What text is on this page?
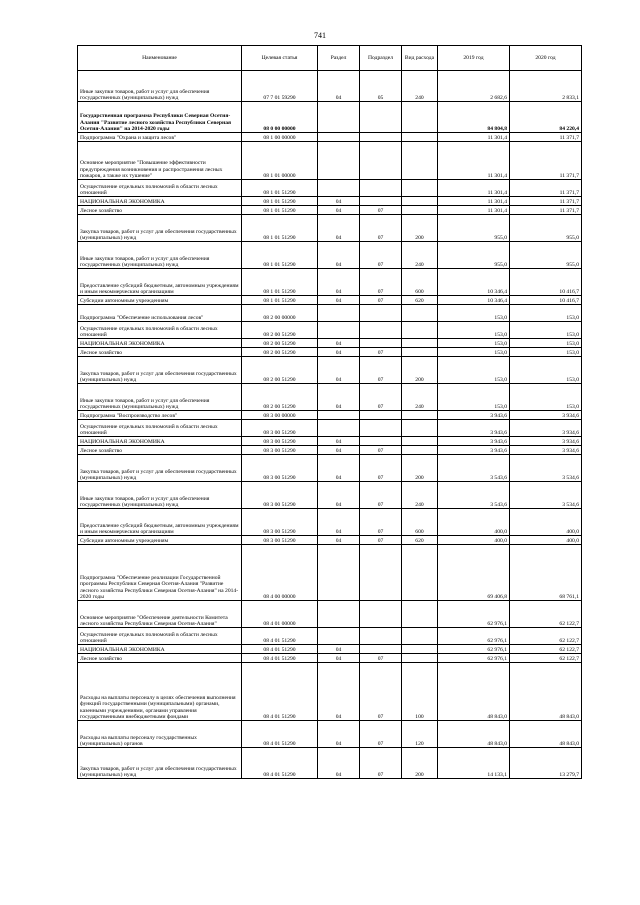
741
Наименование	Целевая статья	Раздел	Подраздел	Вид расхода	2019 год	2020 год
Иные закупки товаров, работ и услуг для обеспечения государственных (муниципальных) нужд	07 7 01 59290	04	05	240	2 682,6	2 833,1
Государственная программа Республики Северная Осетия-Алания "Развитие лесного хозяйства Республики Северная Осетия-Алания" на 2014-2020 годы	08 0 00 00000				84 804,8	84 220,4
Подпрограмма "Охрана и защита лесов"	08 1 00 00000				11 301,4	11 371,7
Основное мероприятие "Повышение эффективности предупреждения возникновения и распространения лесных пожаров, а также их тушение"	08 1 01 00000				11 301,4	11 371,7
Осуществление отдельных полномочий в области лесных отношений	08 1 01 51290				11 301,4	11 371,7
НАЦИОНАЛЬНАЯ ЭКОНОМИКА	08 1 01 51290	04			11 301,4	11 371,7
Лесное хозяйство	08 1 01 51290	04	07		11 301,4	11 371,7
Закупка товаров, работ и услуг для обеспечения государственных (муниципальных) нужд	08 1 01 51290	04	07	200	955,0	955,0
Иные закупки товаров, работ и услуг для обеспечения государственных (муниципальных) нужд	08 1 01 51290	04	07	240	955,0	955,0
Предоставление субсидий бюджетным, автономным учреждениям и иным некоммерческим организациям	08 1 01 51290	04	07	600	10 346,4	10 416,7
Субсидии автономным учреждениям	08 1 01 51290	04	07	620	10 346,4	10 416,7
Подпрограмма "Обеспечение использования лесов"	08 2 00 00000				153,0	153,0
Осуществление отдельных полномочий в области лесных отношений	08 2 00 51290				153,0	153,0
НАЦИОНАЛЬНАЯ ЭКОНОМИКА	08 2 00 51290	04			153,0	153,0
Лесное хозяйство	08 2 00 51290	04	07		153,0	153,0
Закупка товаров, работ и услуг для обеспечения государственных (муниципальных) нужд	08 2 00 51290	04	07	200	153,0	153,0
Иные закупки товаров, работ и услуг для обеспечения государственных (муниципальных) нужд	08 2 00 51290	04	07	240	153,0	153,0
Подпрограмма "Воспроизводство лесов"	08 3 00 00000				3 943,6	3 934,6
Осуществление отдельных полномочий в области лесных отношений	08 3 00 51290				3 943,6	3 934,6
НАЦИОНАЛЬНАЯ ЭКОНОМИКА	08 3 00 51290	04			3 943,6	3 934,6
Лесное хозяйство	08 3 00 51290	04	07		3 943,6	3 934,6
Закупка товаров, работ и услуг для обеспечения государственных (муниципальных) нужд	08 3 00 51290	04	07	200	3 543,6	3 534,6
Иные закупки товаров, работ и услуг для обеспечения государственных (муниципальных) нужд	08 3 00 51290	04	07	240	3 543,6	3 534,6
Предоставление субсидий бюджетным, автономным учреждениям и иным некоммерческим организациям	08 3 00 51290	04	07	600	400,0	400,0
Субсидии автономным учреждениям	08 3 00 51290	04	07	620	400,0	400,0
Подпрограмма "Обеспечение реализации Государственной программы Республики Северная Осетия-Алания "Развитие лесного хозяйства Республики Северная Осетия-Алания" на 2014-2020 годы	08 4 00 00000				69 406,8	68 761,1
Основное мероприятие "Обеспечение деятельности Комитета лесного хозяйства Республики Северная Осетия-Алания"	08 4 01 00000				62 976,1	62 122,7
Осуществление отдельных полномочий в области лесных отношений	08 4 01 51290				62 976,1	62 122,7
НАЦИОНАЛЬНАЯ ЭКОНОМИКА	08 4 01 51290	04			62 976,1	62 122,7
Лесное хозяйство	08 4 01 51290	04	07		62 976,1	62 122,7
Расходы на выплаты персоналу в целях обеспечения выполнения функций государственными (муниципальными) органами, казенными учреждениями, органами управления государственными внебюджетными фондами	08 4 01 51290	04	07	100	48 843,0	48 843,0
Расходы на выплаты персоналу государственных (муниципальных) органов	08 4 01 51290	04	07	120	48 843,0	48 843,0
Закупка товаров, работ и услуг для обеспечения государственных (муниципальных) нужд	08 4 01 51290	04	07	200	14 133,1	13 279,7
